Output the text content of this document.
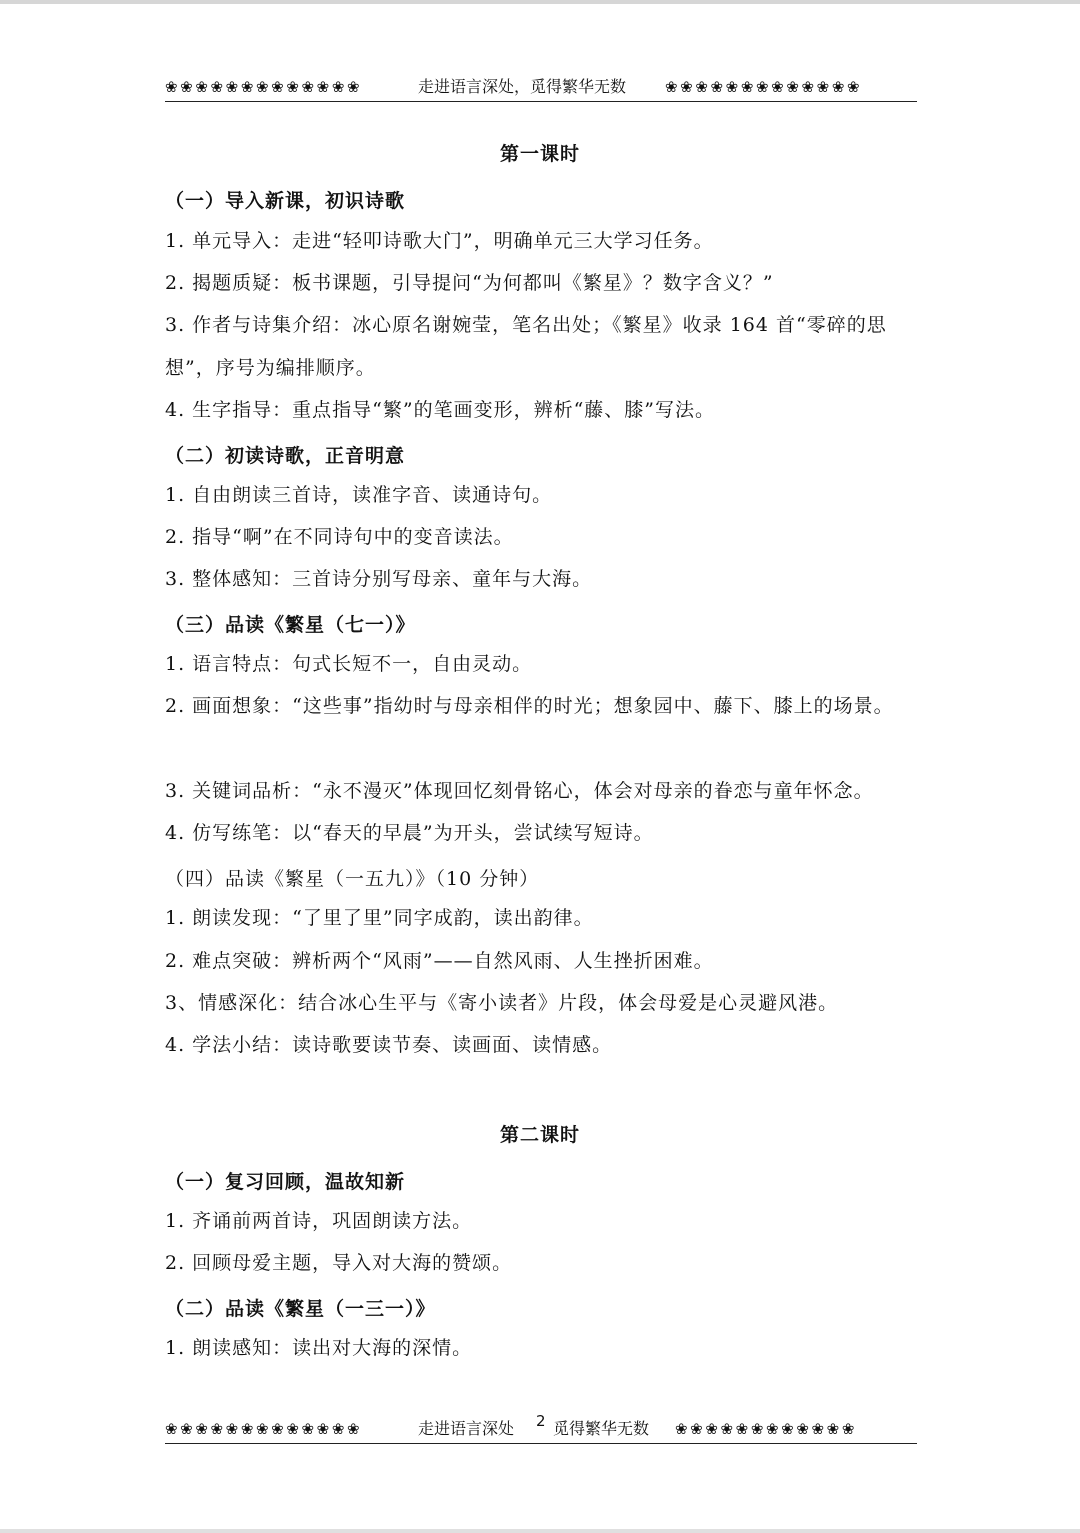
❀❀❀❀❀❀❀❀❀❀❀❀❀	走进语言深处，觅得繁华无数	❀❀❀❀❀❀❀❀❀❀❀❀❀
第一课时
（一）导入新课，初识诗歌
1. 单元导入：走进“轻叩诗歌大门”，明确单元三大学习任务。
2. 揭题质疑：板书课题，引导提问“为何都叫《繁星》？数字含义？”
3. 作者与诗集介绍：冰心原名谢婉莹，笔名出处；《繁星》收录 164 首“零碎的思想”，序号为编排顺序。
4. 生字指导：重点指导“繁”的笔画变形，辨析“藤、膝”写法。
（二）初读诗歌，正音明意
1. 自由朗读三首诗，读准字音、读通诗句。
2. 指导“啊”在不同诗句中的变音读法。
3. 整体感知：三首诗分别写母亲、童年与大海。
（三）品读《繁星（七一）》
1. 语言特点：句式长短不一，自由灵动。
2. 画面想象：“这些事”指幼时与母亲相伴的时光；想象园中、藤下、膝上的场景。
3. 关键词品析：“永不漫灭”体现回忆刻骨铭心，体会对母亲的眷恋与童年怀念。
4. 仿写练笔：以“春天的早晨”为开头，尝试续写短诗。
（四）品读《繁星（一五九）》（10 分钟）
1. 朗读发现：“了里了里”同字成韵，读出韵律。
2. 难点突破：辨析两个“风雨”——自然风雨、人生挫折困难。
3、情感深化：结合冰心生平与《寄小读者》片段，体会母爱是心灵避风港。
4. 学法小结：读诗歌要读节奏、读画面、读情感。
第二课时
（一）复习回顾，温故知新
1. 齐诵前两首诗，巩固朗读方法。
2. 回顾母爱主题，导入对大海的赞颂。
（二）品读《繁星（一三一）》
1. 朗读感知：读出对大海的深情。
❀❀❀❀❀❀❀❀❀❀❀❀❀	走进语言深处 2 觅得繁华无数 ❀❀❀❀❀❀❀❀❀❀❀❀
